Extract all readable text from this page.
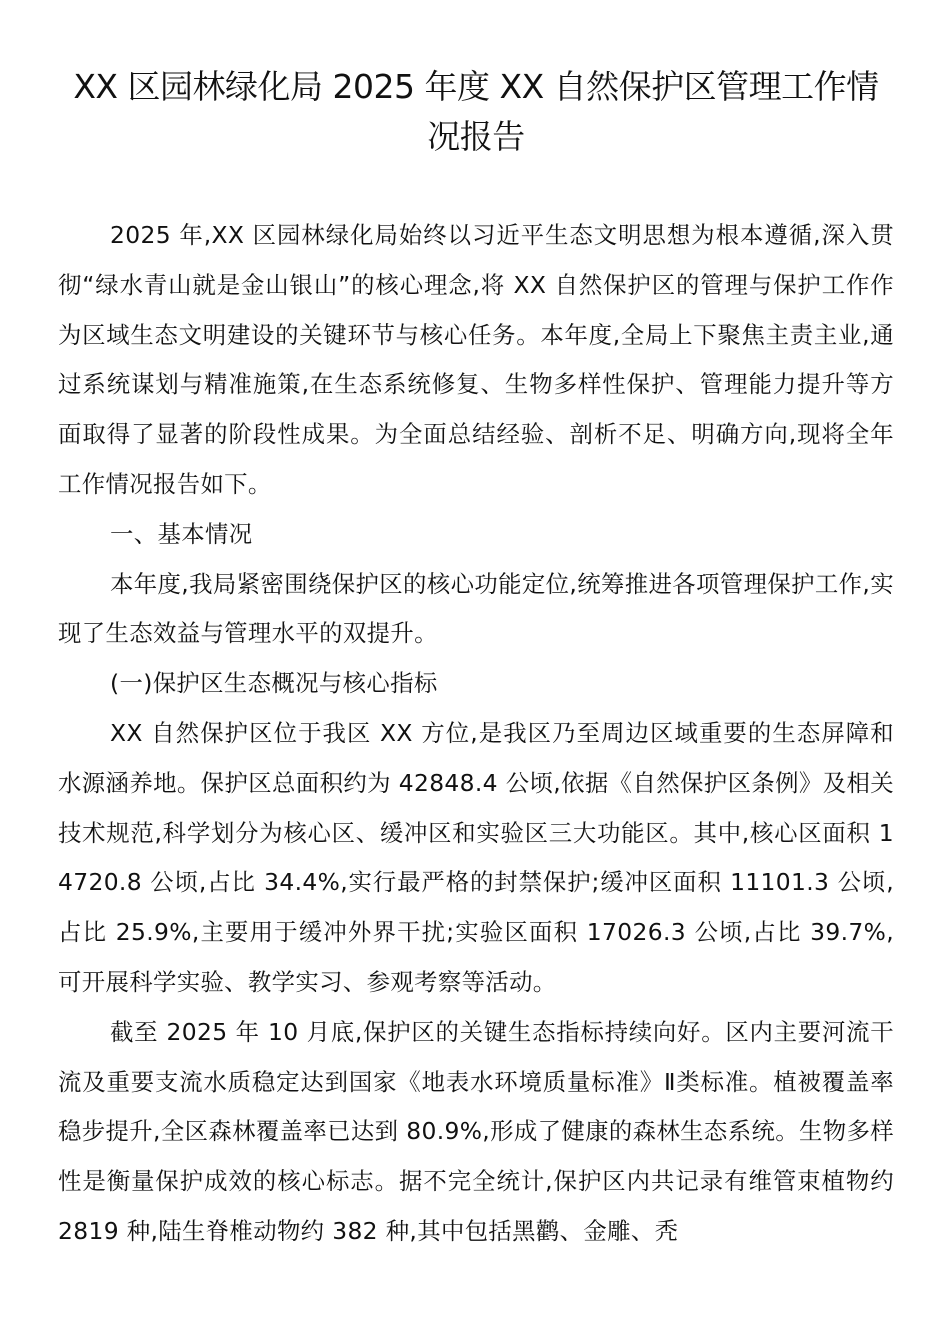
XX 区园林绿化局 2025 年度 XX 自然保护区管理工作情况报告

2025 年,XX 区园林绿化局始终以习近平生态文明思想为根本遵循,深入贯彻“绿水青山就是金山银山”的核心理念,将 XX 自然保护区的管理与保护工作作为区域生态文明建设的关键环节与核心任务。本年度,全局上下聚焦主责主业,通过系统谋划与精准施策,在生态系统修复、生物多样性保护、管理能力提升等方面取得了显著的阶段性成果。为全面总结经验、剖析不足、明确方向,现将全年工作情况报告如下。

一、基本情况

本年度,我局紧密围绕保护区的核心功能定位,统筹推进各项管理保护工作,实现了生态效益与管理水平的双提升。

(一)保护区生态概况与核心指标

XX 自然保护区位于我区 XX 方位,是我区乃至周边区域重要的生态屏障和水源涵养地。保护区总面积约为 42848.4 公顷,依据《自然保护区条例》及相关技术规范,科学划分为核心区、缓冲区和实验区三大功能区。其中,核心区面积 14720.8 公顷,占比 34.4%,实行最严格的封禁保护;缓冲区面积 11101.3 公顷,占比 25.9%,主要用于缓冲外界干扰;实验区面积 17026.3 公顷,占比 39.7%,可开展科学实验、教学实习、参观考察等活动。

截至 2025 年 10 月底,保护区的关键生态指标持续向好。区内主要河流干流及重要支流水质稳定达到国家《地表水环境质量标准》Ⅱ类标准。植被覆盖率稳步提升,全区森林覆盖率已达到 80.9%,形成了健康的森林生态系统。生物多样性是衡量保护成效的核心标志。据不完全统计,保护区内共记录有维管束植物约 2819 种,陆生脊椎动物约 382 种,其中包括黑鹳、金雕、秃
